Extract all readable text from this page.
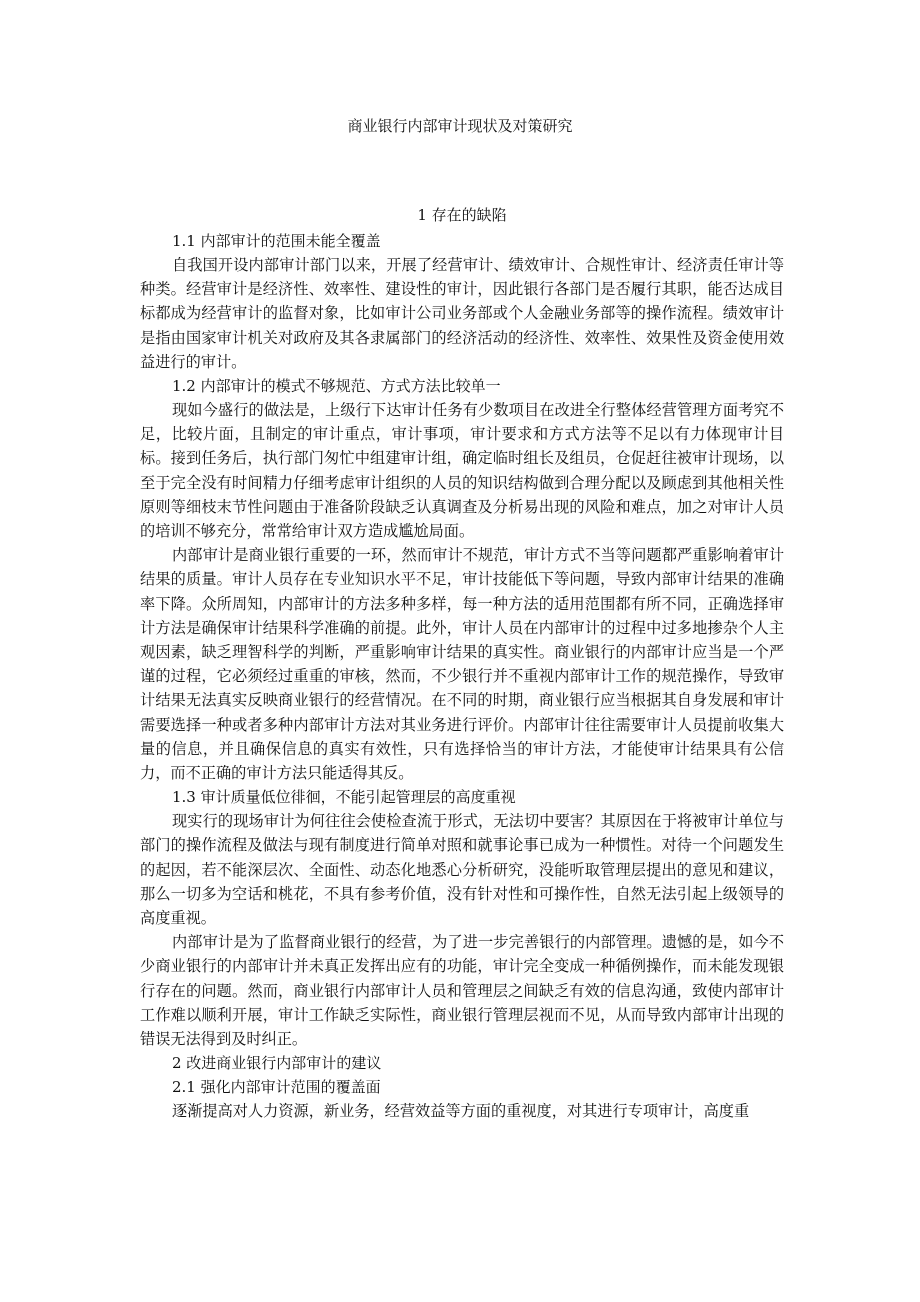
商业银行内部审计现状及对策研究
1 存在的缺陷
1.1 内部审计的范围未能全覆盖

自我国开设内部审计部门以来，开展了经营审计、绩效审计、合规性审计、经济责任审计等种类。经营审计是经济性、效率性、建设性的审计，因此银行各部门是否履行其职，能否达成目标都成为经营审计的监督对象，比如审计公司业务部或个人金融业务部等的操作流程。绩效审计是指由国家审计机关对政府及其各隶属部门的经济活动的经济性、效率性、效果性及资金使用效益进行的审计。

1.2 内部审计的模式不够规范、方式方法比较单一

现如今盛行的做法是，上级行下达审计任务有少数项目在改进全行整体经营管理方面考究不足，比较片面，且制定的审计重点，审计事项，审计要求和方式方法等不足以有力体现审计目标。接到任务后，执行部门匆忙中组建审计组，确定临时组长及组员，仓促赶往被审计现场，以至于完全没有时间精力仔细考虑审计组织的人员的知识结构做到合理分配以及顾虑到其他相关性原则等细枝末节性问题由于准备阶段缺乏认真调查及分析易出现的风险和难点，加之对审计人员的培训不够充分，常常给审计双方造成尴尬局面。

内部审计是商业银行重要的一环，然而审计不规范，审计方式不当等问题都严重影响着审计结果的质量。审计人员存在专业知识水平不足，审计技能低下等问题，导致内部审计结果的准确率下降。众所周知，内部审计的方法多种多样，每一种方法的适用范围都有所不同，正确选择审计方法是确保审计结果科学准确的前提。此外，审计人员在内部审计的过程中过多地掺杂个人主观因素，缺乏理智科学的判断，严重影响审计结果的真实性。商业银行的内部审计应当是一个严谨的过程，它必须经过重重的审核，然而，不少银行并不重视内部审计工作的规范操作，导致审计结果无法真实反映商业银行的经营情况。在不同的时期，商业银行应当根据其自身发展和审计需要选择一种或者多种内部审计方法对其业务进行评价。内部审计往往需要审计人员提前收集大量的信息，并且确保信息的真实有效性，只有选择恰当的审计方法，才能使审计结果具有公信力，而不正确的审计方法只能适得其反。

1.3 审计质量低位徘徊，不能引起管理层的高度重视

现实行的现场审计为何往往会使检查流于形式，无法切中要害？其原因在于将被审计单位与部门的操作流程及做法与现有制度进行简单对照和就事论事已成为一种惯性。对待一个问题发生的起因，若不能深层次、全面性、动态化地悉心分析研究，没能听取管理层提出的意见和建议，那么一切多为空话和桃花，不具有参考价值，没有针对性和可操作性，自然无法引起上级领导的高度重视。

内部审计是为了监督商业银行的经营，为了进一步完善银行的内部管理。遗憾的是，如今不少商业银行的内部审计并未真正发挥出应有的功能，审计完全变成一种循例操作，而未能发现银行存在的问题。然而，商业银行内部审计人员和管理层之间缺乏有效的信息沟通，致使内部审计工作难以顺利开展，审计工作缺乏实际性，商业银行管理层视而不见，从而导致内部审计出现的错误无法得到及时纠正。

2 改进商业银行内部审计的建议
2.1 强化内部审计范围的覆盖面

逐渐提高对人力资源，新业务，经营效益等方面的重视度，对其进行专项审计，高度重
